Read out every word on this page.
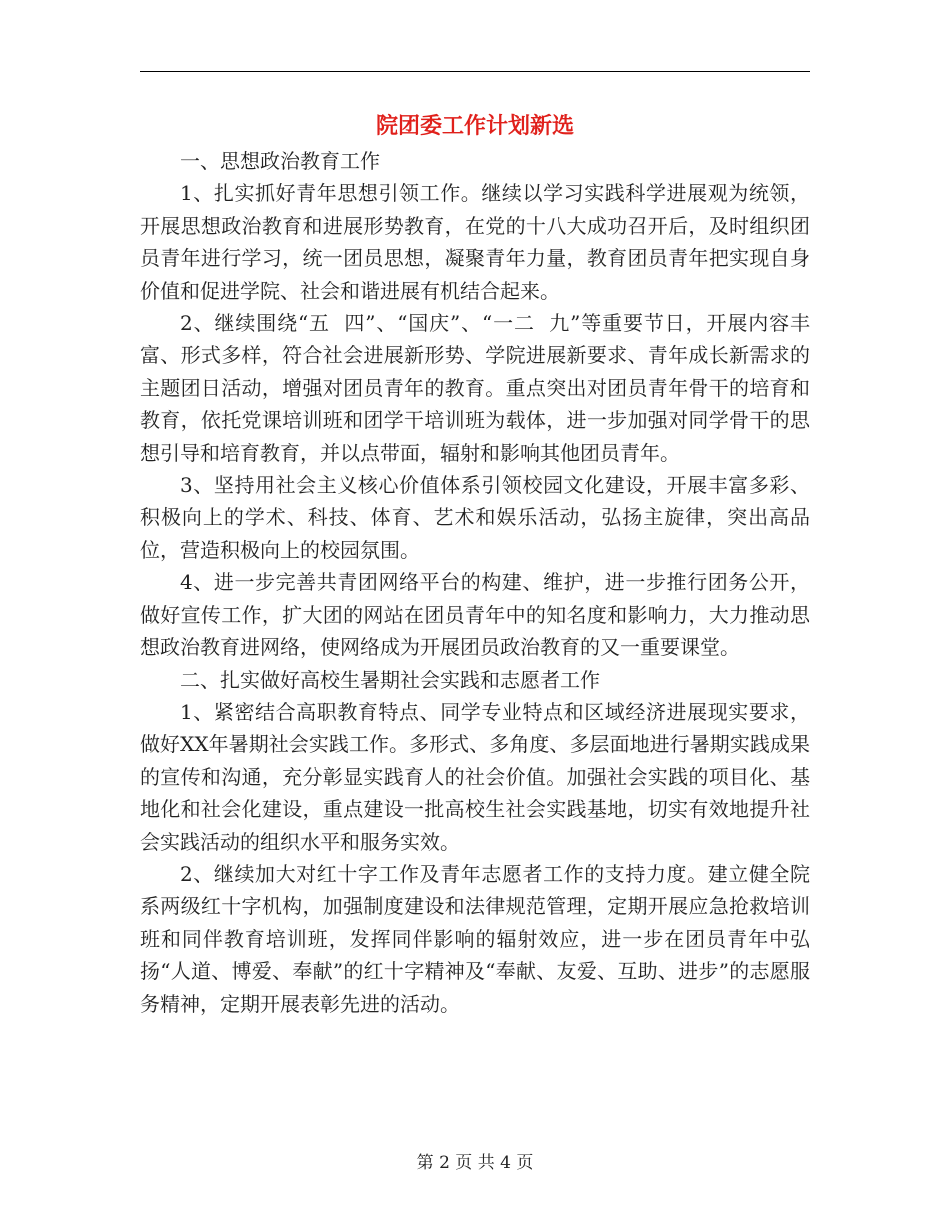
院团委工作计划新选

一、思想政治教育工作

1、扎实抓好青年思想引领工作。继续以学习实践科学进展观为统领，开展思想政治教育和进展形势教育，在党的十八大成功召开后，及时组织团员青年进行学习，统一团员思想，凝聚青年力量，教育团员青年把实现自身价值和促进学院、社会和谐进展有机结合起来。

2、继续围绕“五  四”、“国庆”、“一二  九”等重要节日，开展内容丰富、形式多样，符合社会进展新形势、学院进展新要求、青年成长新需求的主题团日活动，增强对团员青年的教育。重点突出对团员青年骨干的培育和教育，依托党课培训班和团学干培训班为载体，进一步加强对同学骨干的思想引导和培育教育，并以点带面，辐射和影响其他团员青年。

3、坚持用社会主义核心价值体系引领校园文化建设，开展丰富多彩、积极向上的学术、科技、体育、艺术和娱乐活动，弘扬主旋律，突出高品位，营造积极向上的校园氛围。

4、进一步完善共青团网络平台的构建、维护，进一步推行团务公开，做好宣传工作，扩大团的网站在团员青年中的知名度和影响力，大力推动思想政治教育进网络，使网络成为开展团员政治教育的又一重要课堂。

二、扎实做好高校生暑期社会实践和志愿者工作

1、紧密结合高职教育特点、同学专业特点和区域经济进展现实要求，做好XX年暑期社会实践工作。多形式、多角度、多层面地进行暑期实践成果的宣传和沟通，充分彰显实践育人的社会价值。加强社会实践的项目化、基地化和社会化建设，重点建设一批高校生社会实践基地，切实有效地提升社会实践活动的组织水平和服务实效。

2、继续加大对红十字工作及青年志愿者工作的支持力度。建立健全院系两级红十字机构，加强制度建设和法律规范管理，定期开展应急抢救培训班和同伴教育培训班，发挥同伴影响的辐射效应，进一步在团员青年中弘扬“人道、博爱、奉献”的红十字精神及“奉献、友爱、互助、进步”的志愿服务精神，定期开展表彰先进的活动。

第 2 页 共 4 页
